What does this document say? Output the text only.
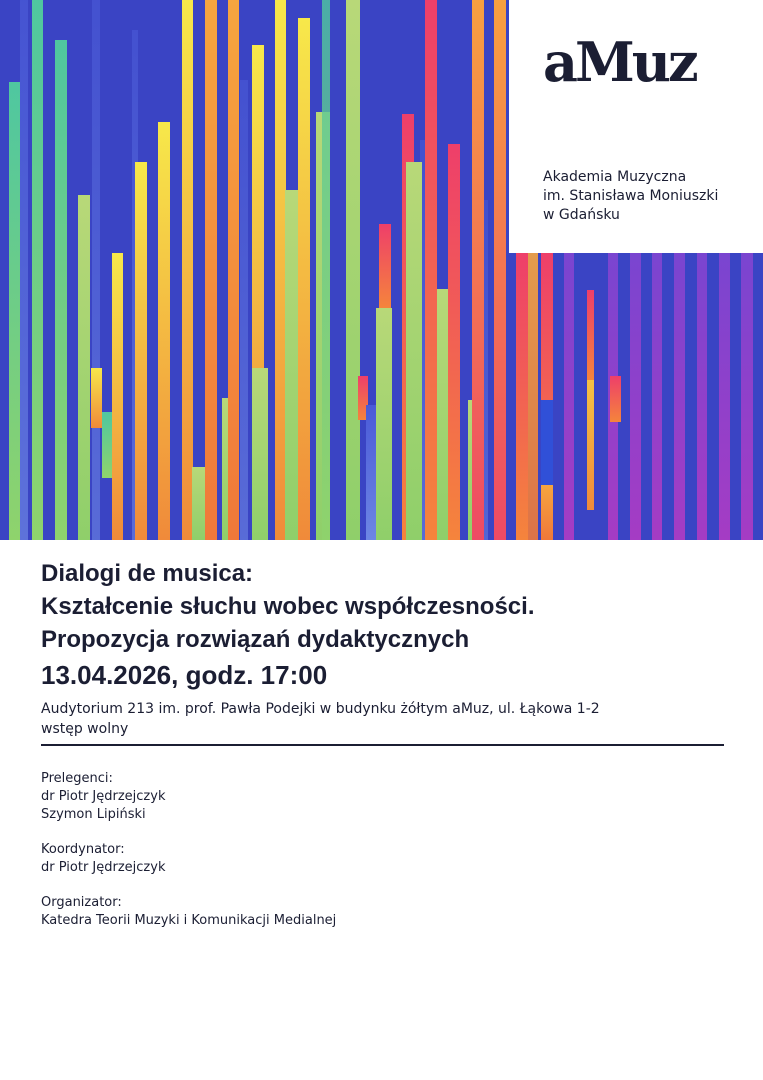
aMuz
Akademia Muzyczna
im. Stanisława Moniuszki
w Gdańsku
Dialogi de musica:
Kształcenie słuchu wobec współczesności.
Propozycja rozwiązań dydaktycznych
13.04.2026, godz. 17:00
Audytorium 213 im. prof. Pawła Podejki w budynku żółtym aMuz, ul. Łąkowa 1-2
wstęp wolny
Prelegenci:
dr Piotr Jędrzejczyk
Szymon Lipiński
Koordynator:
dr Piotr Jędrzejczyk
Organizator:
Katedra Teorii Muzyki i Komunikacji Medialnej
